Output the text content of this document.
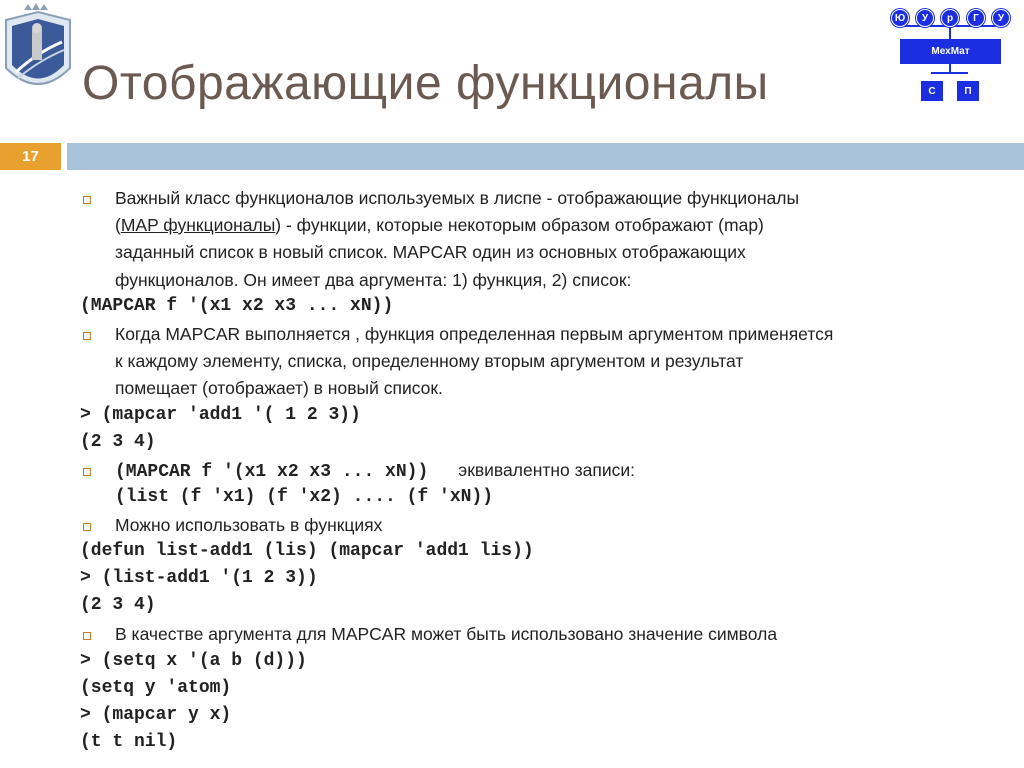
Отображающие функционалы
Ю	У	р	Г	У
МехМат
С	П
17
Важный класс функционалов используемых в лиспе - отображающие функционалы
(MAP функционалы) - функции, которые некоторым образом отображают (map)
заданный список в новый список. MAPCAR один из основных отображающих
функционалов. Он имеет два аргумента: 1) функция, 2) список:
(MAPCAR f '(x1 x2 x3 ... xN))
Когда MAPCAR выполняется , функция определенная первым аргументом применяется
к каждому элементу, списка, определенному вторым аргументом и результат
помещает (отображает) в новый список.
> (mapcar 'add1 '( 1 2 3))
(2 3 4)
(MAPCAR f '(x1 x2 x3 ... xN)) эквивалентно записи:
(list (f 'x1) (f 'x2) .... (f 'xN))
Можно использовать в функциях
(defun list-add1 (lis) (mapcar 'add1 lis))
> (list-add1 '(1 2 3))
(2 3 4)
В качестве аргумента для MAPCAR может быть использовано значение символа
> (setq x '(a b (d)))
(setq y 'atom)
> (mapcar y x)
(t t nil)
